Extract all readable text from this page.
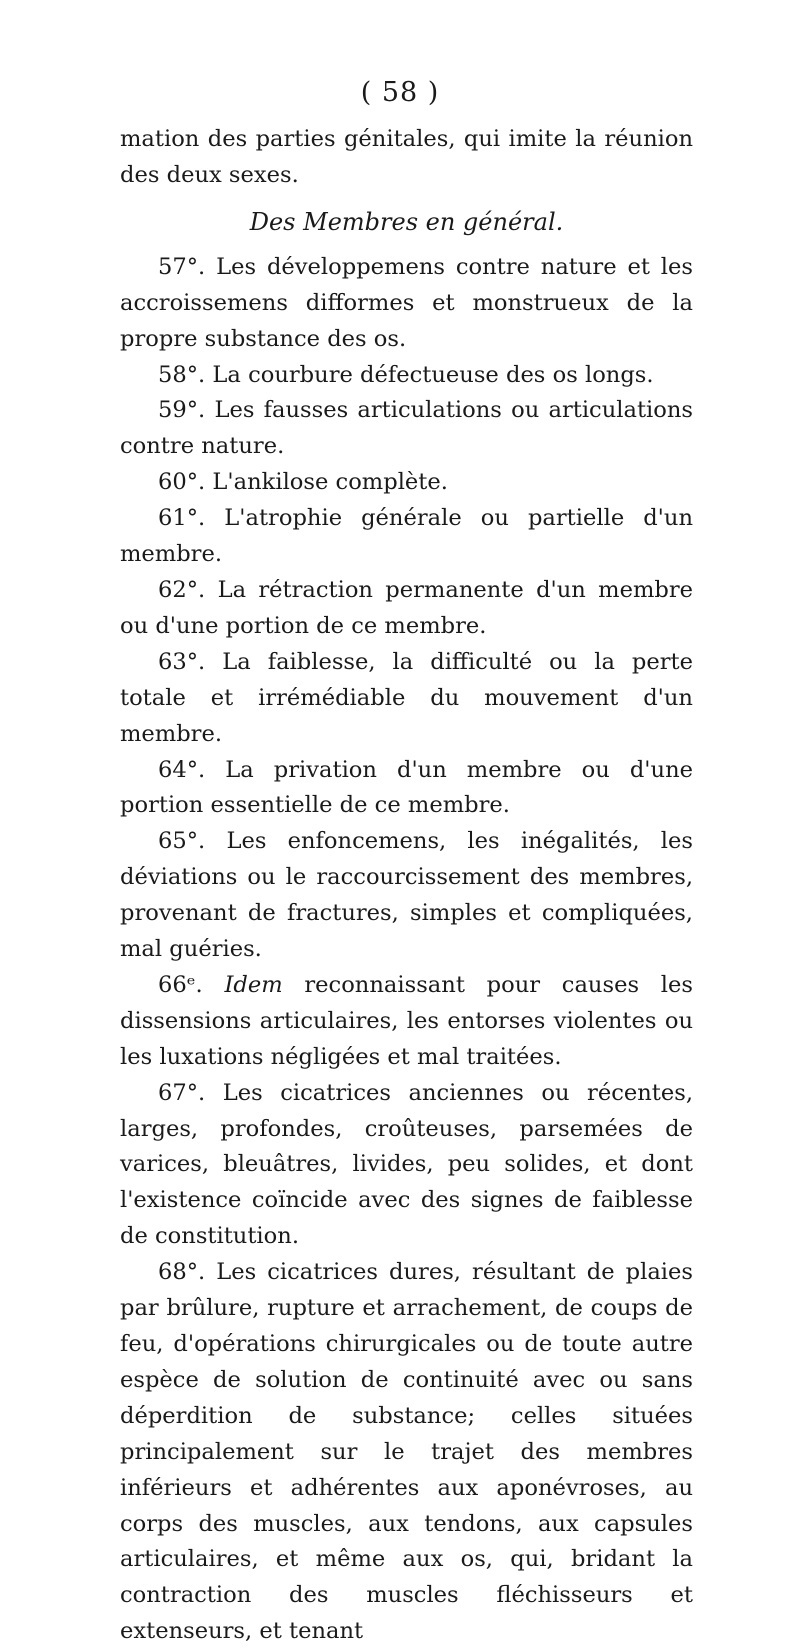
( 58 )

mation des parties génitales, qui imite la réunion des deux sexes.

Des Membres en général.

57°. Les développemens contre nature et les accroissemens difformes et monstrueux de la propre substance des os.

58°. La courbure défectueuse des os longs.

59°. Les fausses articulations ou articulations contre nature.

60°. L'ankilose complète.

61°. L'atrophie générale ou partielle d'un membre.

62°. La rétraction permanente d'un membre ou d'une portion de ce membre.

63°. La faiblesse, la difficulté ou la perte totale et irrémédiable du mouvement d'un membre.

64°. La privation d'un membre ou d'une portion essentielle de ce membre.

65°. Les enfoncemens, les inégalités, les déviations ou le raccourcissement des membres, provenant de fractures, simples et compliquées, mal guéries.

66ᵉ. Idem reconnaissant pour causes les dissensions articulaires, les entorses violentes ou les luxations négligées et mal traitées.

67°. Les cicatrices anciennes ou récentes, larges, profondes, croûteuses, parsemées de varices, bleuâtres, livides, peu solides, et dont l'existence coïncide avec des signes de faiblesse de constitution.

68°. Les cicatrices dures, résultant de plaies par brûlure, rupture et arrachement, de coups de feu, d'opérations chirurgicales ou de toute autre espèce de solution de continuité avec ou sans déperdition de substance; celles situées principalement sur le trajet des membres inférieurs et adhérentes aux aponévroses, au corps des muscles, aux tendons, aux capsules articulaires, et même aux os, qui, bridant la contraction des muscles fléchisseurs et extenseurs, et tenant
